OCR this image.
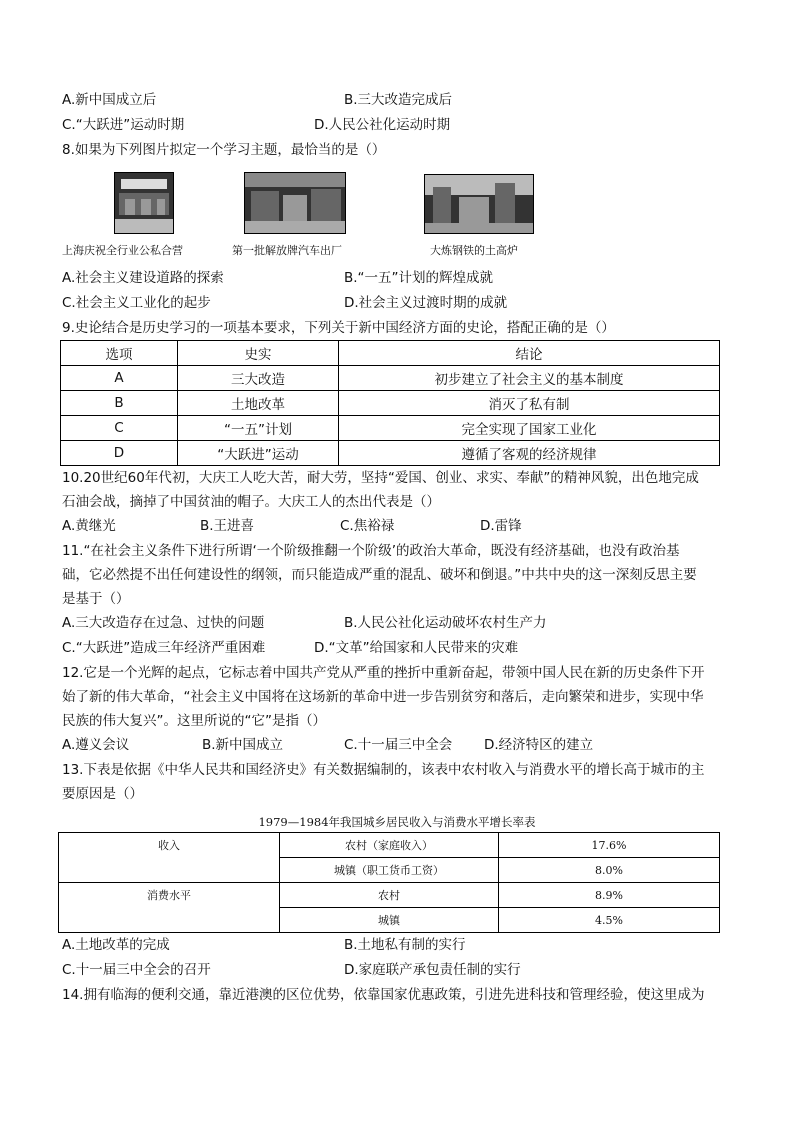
A.新中国成立后	B.三大改造完成后
C.“大跃进”运动时期	D.人民公社化运动时期
8.如果为下列图片拟定一个学习主题，最恰当的是（）
上海庆祝全行业公私合营	第一批解放牌汽车出厂	大炼钢铁的土高炉
A.社会主义建设道路的探索	B.“一五”计划的辉煌成就
C.社会主义工业化的起步	D.社会主义过渡时期的成就
9.史论结合是历史学习的一项基本要求，下列关于新中国经济方面的史论，搭配正确的是（）
选项	史实	结论
A	三大改造	初步建立了社会主义的基本制度
B	土地改革	消灭了私有制
C	“一五”计划	完全实现了国家工业化
D	“大跃进”运动	遵循了客观的经济规律
10.20世纪60年代初，大庆工人吃大苦，耐大劳，坚持“爱国、创业、求实、奉献”的精神风貌，出色地完成
石油会战，摘掉了中国贫油的帽子。大庆工人的杰出代表是（）
A.黄继光	B.王进喜	C.焦裕禄	D.雷锋
11.“在社会主义条件下进行所谓‘一个阶级推翻一个阶级’的政治大革命，既没有经济基础，也没有政治基
础，它必然提不出任何建设性的纲领，而只能造成严重的混乱、破坏和倒退。”中共中央的这一深刻反思主要
是基于（）
A.三大改造存在过急、过快的问题	B.人民公社化运动破坏农村生产力
C.“大跃进”造成三年经济严重困难	D.“文革”给国家和人民带来的灾难
12.它是一个光辉的起点，它标志着中国共产党从严重的挫折中重新奋起，带领中国人民在新的历史条件下开
始了新的伟大革命，“社会主义中国将在这场新的革命中进一步告别贫穷和落后，走向繁荣和进步，实现中华
民族的伟大复兴”。这里所说的“它”是指（）
A.遵义会议	B.新中国成立	C.十一届三中全会	D.经济特区的建立
13.下表是依据《中华人民共和国经济史》有关数据编制的，该表中农村收入与消费水平的增长高于城市的主
要原因是（）
1979—1984年我国城乡居民收入与消费水平增长率表
收入	农村（家庭收入）	17.6%
	城镇（职工货币工资）	8.0%
消费水平	农村	8.9%
	城镇	4.5%
A.土地改革的完成	B.土地私有制的实行
C.十一届三中全会的召开	D.家庭联产承包责任制的实行
14.拥有临海的便利交通，靠近港澳的区位优势，依靠国家优惠政策，引进先进科技和管理经验，使这里成为
